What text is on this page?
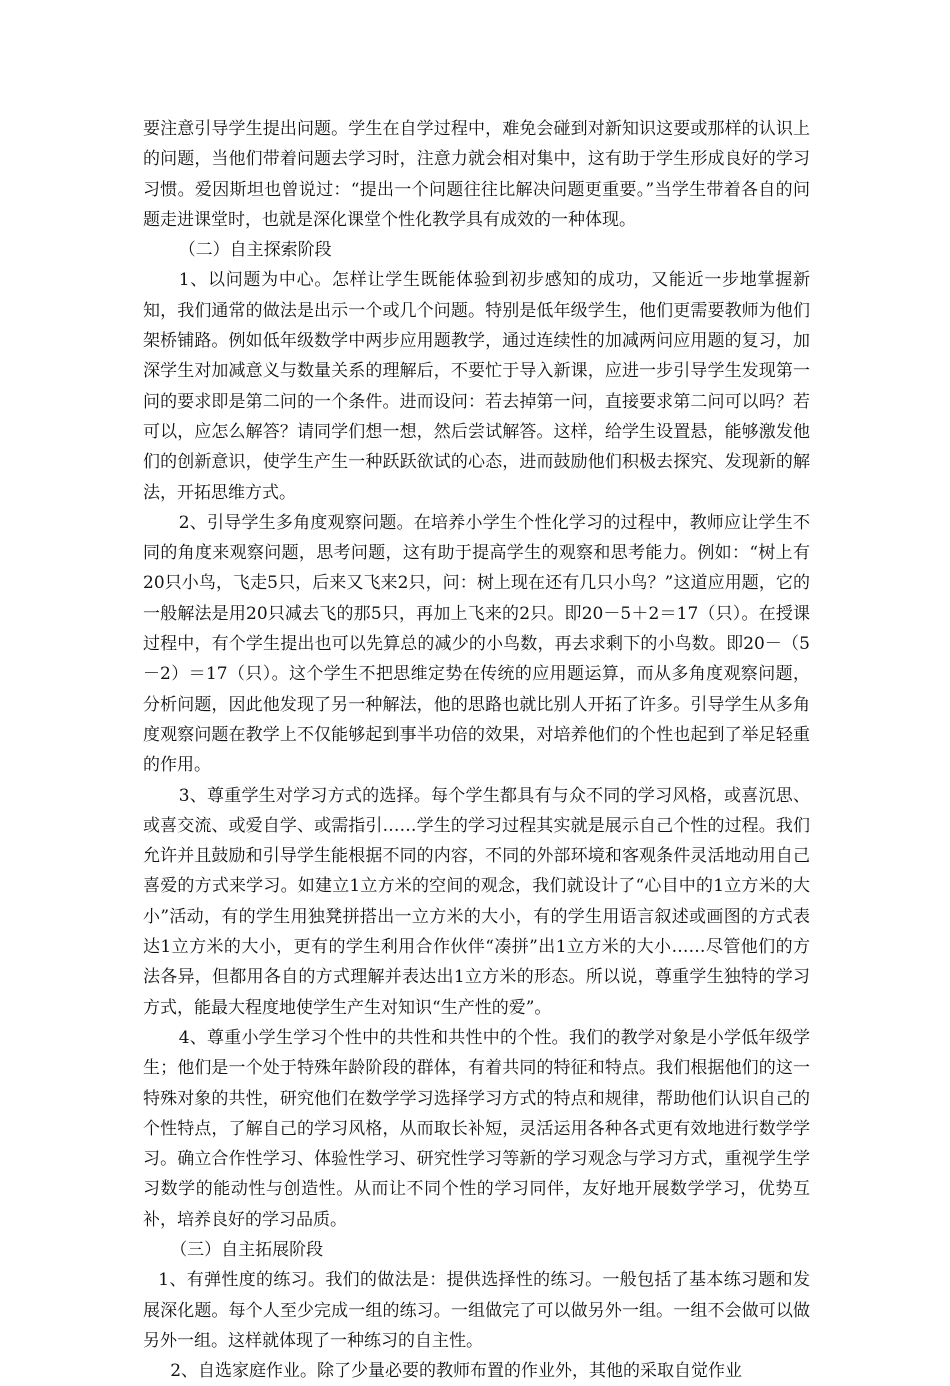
要注意引导学生提出问题。学生在自学过程中，难免会碰到对新知识这要或那样的认识上的问题，当他们带着问题去学习时，注意力就会相对集中，这有助于学生形成良好的学习习惯。爱因斯坦也曾说过：“提出一个问题往往比解决问题更重要。”当学生带着各自的问题走进课堂时，也就是深化课堂个性化教学具有成效的一种体现。

（二）自主探索阶段

1、以问题为中心。怎样让学生既能体验到初步感知的成功，又能近一步地掌握新知，我们通常的做法是出示一个或几个问题。特别是低年级学生，他们更需要教师为他们架桥铺路。例如低年级数学中两步应用题教学，通过连续性的加减两问应用题的复习，加深学生对加减意义与数量关系的理解后，不要忙于导入新课，应进一步引导学生发现第一问的要求即是第二问的一个条件。进而设问：若去掉第一问，直接要求第二问可以吗？若可以，应怎么解答？请同学们想一想，然后尝试解答。这样，给学生设置悬，能够激发他们的创新意识，使学生产生一种跃跃欲试的心态，进而鼓励他们积极去探究、发现新的解法，开拓思维方式。

2、引导学生多角度观察问题。在培养小学生个性化学习的过程中，教师应让学生不同的角度来观察问题，思考问题，这有助于提高学生的观察和思考能力。例如：“树上有20只小鸟，飞走5只，后来又飞来2只，问：树上现在还有几只小鸟？”这道应用题，它的一般解法是用20只减去飞的那5只，再加上飞来的2只。即20－5＋2＝17（只）。在授课过程中，有个学生提出也可以先算总的减少的小鸟数，再去求剩下的小鸟数。即20－（5－2）＝17（只）。这个学生不把思维定势在传统的应用题运算，而从多角度观察问题，分析问题，因此他发现了另一种解法，他的思路也就比别人开拓了许多。引导学生从多角度观察问题在教学上不仅能够起到事半功倍的效果，对培养他们的个性也起到了举足轻重的作用。

3、尊重学生对学习方式的选择。每个学生都具有与众不同的学习风格，或喜沉思、或喜交流、或爱自学、或需指引……学生的学习过程其实就是展示自己个性的过程。我们允许并且鼓励和引导学生能根据不同的内容，不同的外部环境和客观条件灵活地动用自己喜爱的方式来学习。如建立1立方米的空间的观念，我们就设计了“心目中的1立方米的大小”活动，有的学生用独凳拼搭出一立方米的大小，有的学生用语言叙述或画图的方式表达1立方米的大小，更有的学生利用合作伙伴“凑拼”出1立方米的大小……尽管他们的方法各异，但都用各自的方式理解并表达出1立方米的形态。所以说，尊重学生独特的学习方式，能最大程度地使学生产生对知识“生产性的爱”。

4、尊重小学生学习个性中的共性和共性中的个性。我们的教学对象是小学低年级学生；他们是一个处于特殊年龄阶段的群体，有着共同的特征和特点。我们根据他们的这一特殊对象的共性，研究他们在数学学习选择学习方式的特点和规律，帮助他们认识自己的个性特点，了解自己的学习风格，从而取长补短，灵活运用各种各式更有效地进行数学学习。确立合作性学习、体验性学习、研究性学习等新的学习观念与学习方式，重视学生学习数学的能动性与创造性。从而让不同个性的学习同伴，友好地开展数学学习，优势互补，培养良好的学习品质。

（三）自主拓展阶段

1、有弹性度的练习。我们的做法是：提供选择性的练习。一般包括了基本练习题和发展深化题。每个人至少完成一组的练习。一组做完了可以做另外一组。一组不会做可以做另外一组。这样就体现了一种练习的自主性。

2、自选家庭作业。除了少量必要的教师布置的作业外，其他的采取自觉作业
